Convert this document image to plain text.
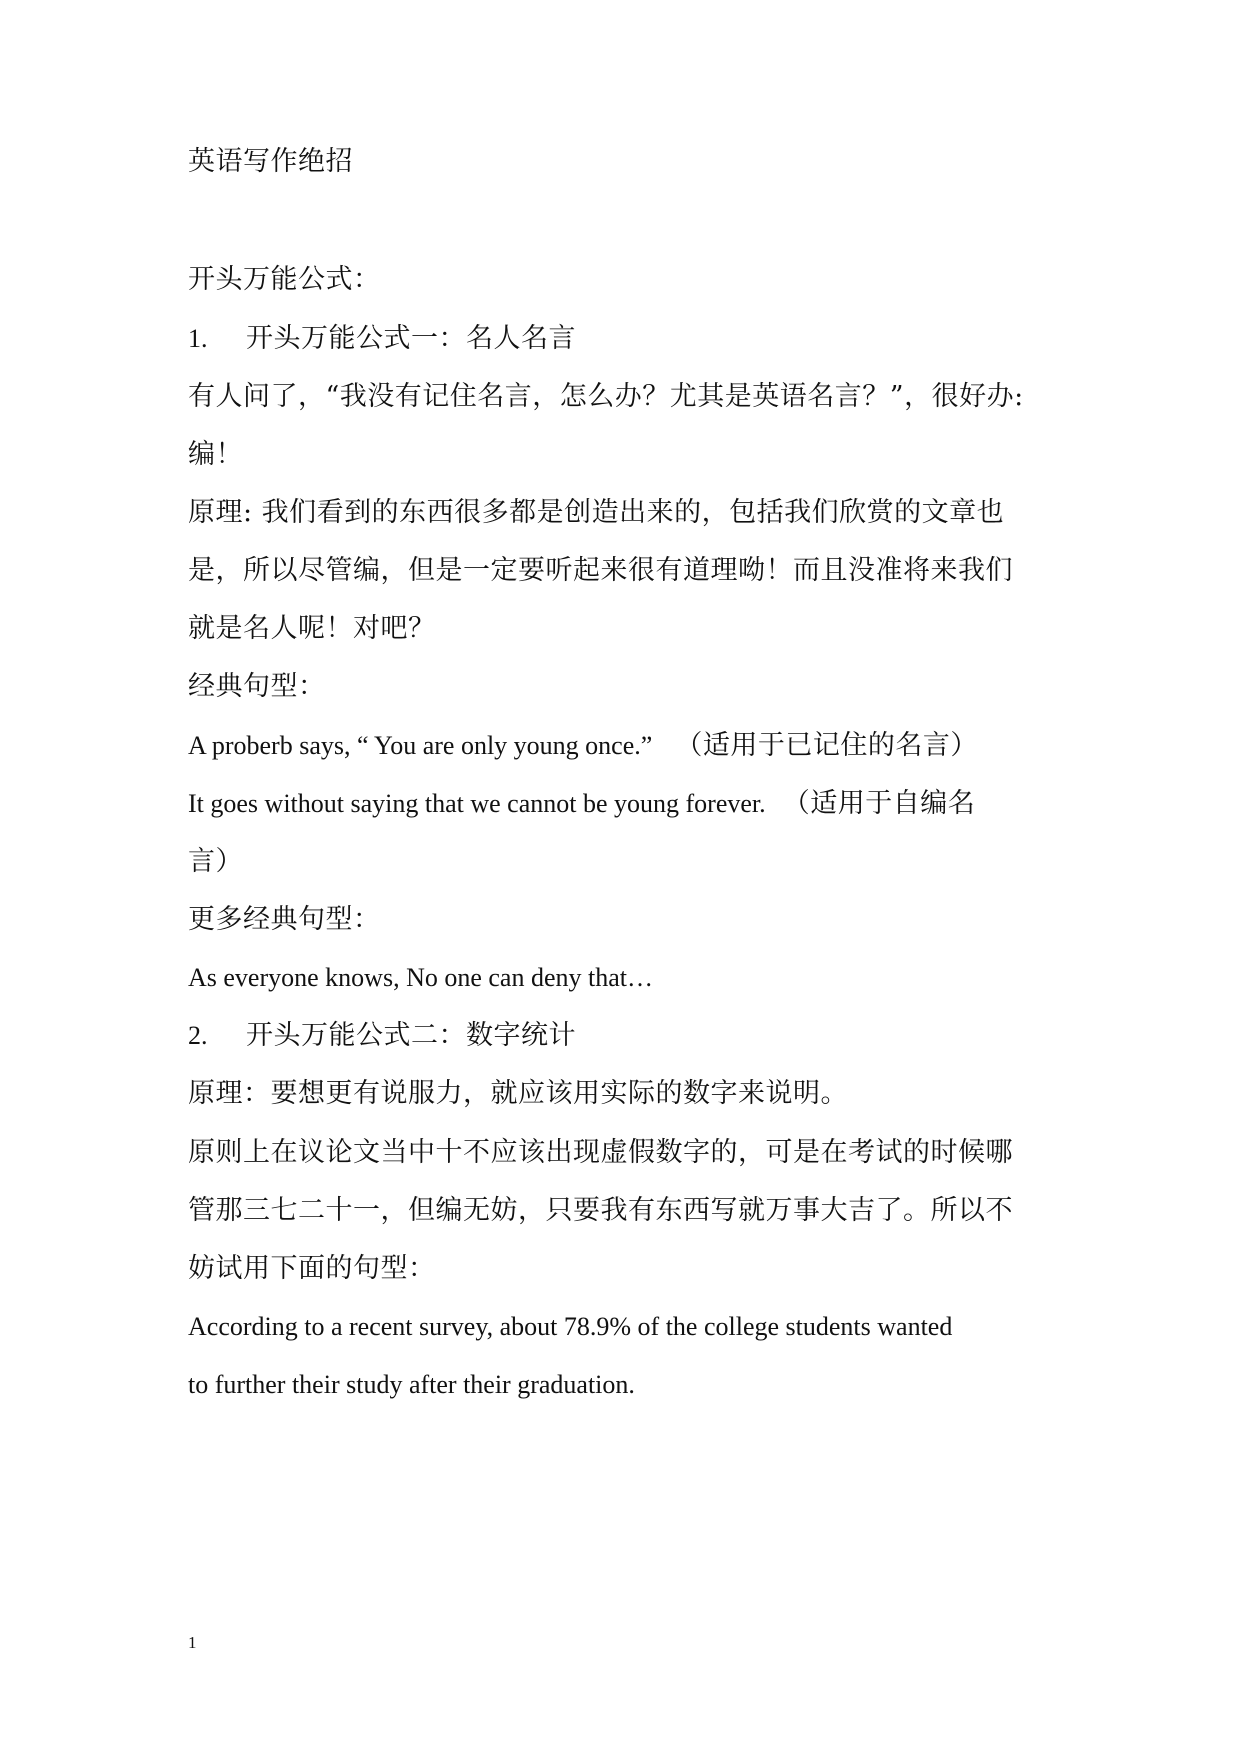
英语写作绝招
开头万能公式：
1. 开头万能公式一：名人名言
有人问了，“我没有记住名言，怎么办？尤其是英语名言？”，很好办:
编！
原理: 我们看到的东西很多都是创造出来的，包括我们欣赏的文章也
是，所以尽管编，但是一定要听起来很有道理呦！而且没准将来我们
就是名人呢！对吧？
经典句型：
A proberb says, “ You are only young once.” （适用于已记住的名言）
It goes without saying that we cannot be young forever. （适用于自编名
言）
更多经典句型：
As everyone knows, No one can deny that…
2. 开头万能公式二：数字统计
原理：要想更有说服力，就应该用实际的数字来说明。
原则上在议论文当中十不应该出现虚假数字的，可是在考试的时候哪
管那三七二十一，但编无妨，只要我有东西写就万事大吉了。所以不
妨试用下面的句型：
According to a recent survey, about 78.9% of the college students wanted
to further their study after their graduation.
1
